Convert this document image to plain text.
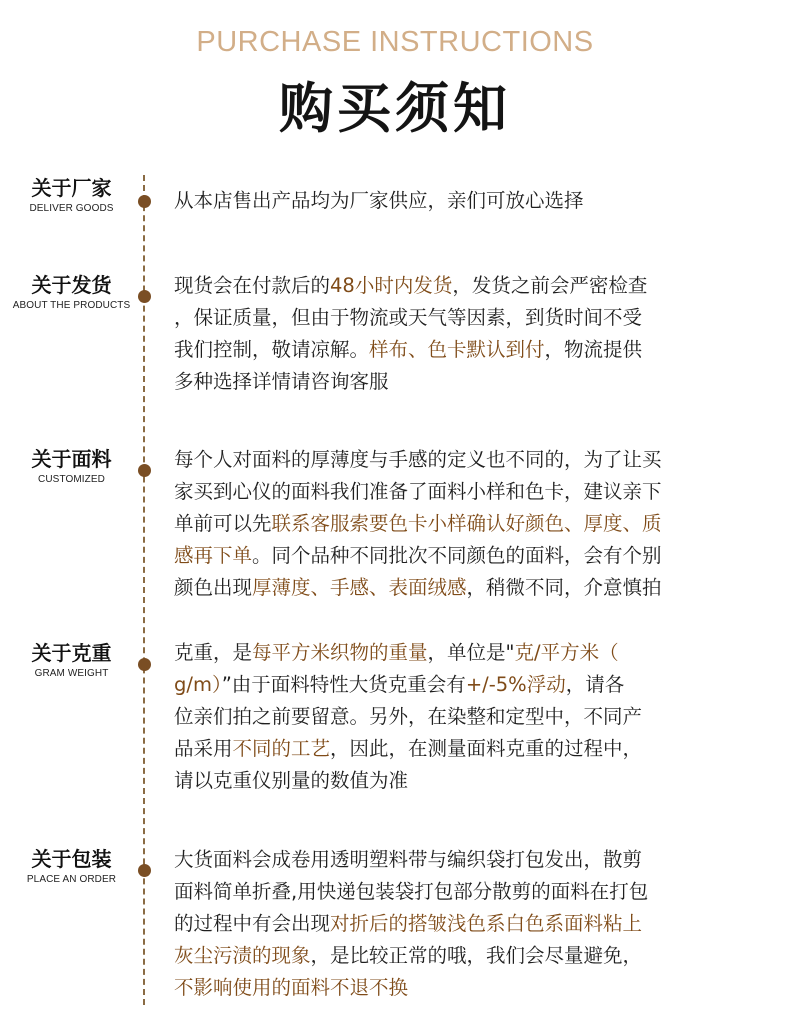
PURCHASE INSTRUCTIONS
购买须知
关于厂家
DELIVER GOODS	从本店售出产品均为厂家供应，亲们可放心选择
关于发货
ABOUT THE PRODUCTS
现货会在付款后的48小时内发货，发货之前会严密检查
，保证质量，但由于物流或天气等因素，到货时间不受
我们控制，敬请凉解。样布、色卡默认到付，物流提供
多种选择详情请咨询客服
关于面料
CUSTOMIZED
每个人对面料的厚薄度与手感的定义也不同的，为了让买
家买到心仪的面料我们准备了面料小样和色卡，建议亲下
单前可以先联系客服索要色卡小样确认好颜色、厚度、质
感再下单。同个品种不同批次不同颜色的面料，会有个别
颜色出现厚薄度、手感、表面绒感，稍微不同，介意慎拍
关于克重
GRAM WEIGHT
克重，是每平方米织物的重量，单位是"克/平方米（
g/m）”由于面料特性大货克重会有+/-5%浮动，请各
位亲们拍之前要留意。另外，在染整和定型中，不同产
品采用不同的工艺，因此，在测量面料克重的过程中，
请以克重仪别量的数值为准
关于包装
PLACE AN ORDER
大货面料会成卷用透明塑料带与编织袋打包发出，散剪
面料简单折叠,用快递包装袋打包部分散剪的面料在打包
的过程中有会出现对折后的搭皱浅色系白色系面料粘上
灰尘污渍的现象，是比较正常的哦，我们会尽量避免，
不影响使用的面料不退不换
